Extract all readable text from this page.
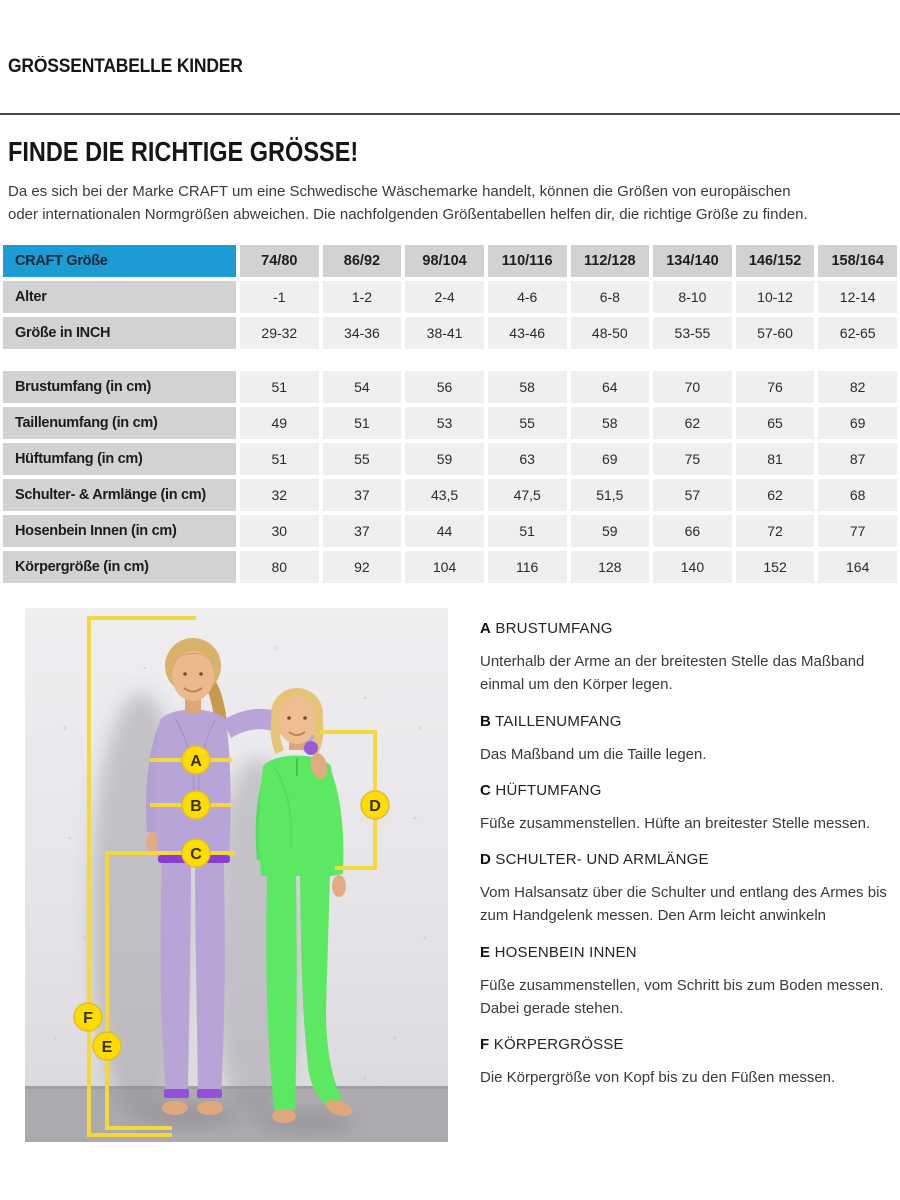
GRÖSSENTABELLE KINDER
FINDE DIE RICHTIGE GRÖSSE!
Da es sich bei der Marke CRAFT um eine Schwedische Wäschemarke handelt, können die Größen von europäischen oder internationalen Normgrößen abweichen. Die nachfolgenden Größentabellen helfen dir, die richtige Größe zu finden.
CRAFT Größe	74/80	86/92	98/104	110/116	112/128	134/140	146/152	158/164
Alter	-1	1-2	2-4	4-6	6-8	8-10	10-12	12-14
Größe in INCH	29-32	34-36	38-41	43-46	48-50	53-55	57-60	62-65
Brustumfang (in cm)	51	54	56	58	64	70	76	82
Taillenumfang (in cm)	49	51	53	55	58	62	65	69
Hüftumfang (in cm)	51	55	59	63	69	75	81	87
Schulter- & Armlänge (in cm)	32	37	43,5	47,5	51,5	57	62	68
Hosenbein Innen (in cm)	30	37	44	51	59	66	72	77
Körpergröße (in cm)	80	92	104	116	128	140	152	164
A
B
C
D
E
F
A BRUSTUMFANG

Unterhalb der Arme an der breitesten Stelle das Maßband einmal um den Körper legen.

B TAILLENUMFANG

Das Maßband um die Taille legen.

C HÜFTUMFANG

Füße zusammenstellen. Hüfte an breitester Stelle messen.

D SCHULTER- UND ARMLÄNGE

Vom Halsansatz über die Schulter und entlang des Armes bis zum Handgelenk messen. Den Arm leicht anwinkeln

E HOSENBEIN INNEN

Füße zusammenstellen, vom Schritt bis zum Boden messen. Dabei gerade stehen.

F KÖRPERGRÖSSE

Die Körpergröße von Kopf bis zu den Füßen messen.
